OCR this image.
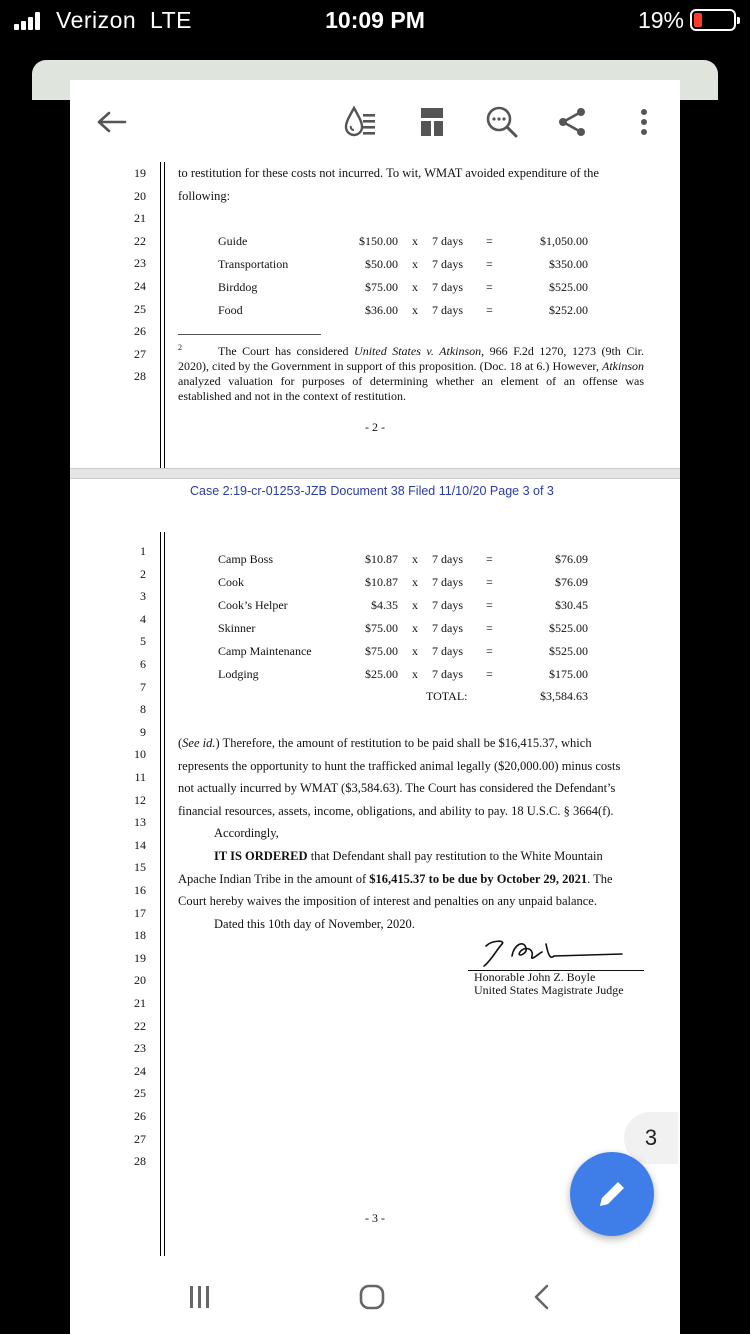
Verizon LTE	10:09 PM	19%
to restitution for these costs not incurred. To wit, WMAT avoided expenditure of the
following:
$^2$	The Court has considered United States v. Atkinson, 966 F.2d 1270, 1273 (9th Cir. 2020), cited by the Government in support of this proposition. (Doc. 18 at 6.) However, Atkinson analyzed valuation for purposes of determining whether an element of an offense was established and not in the context of restitution.
- 2 -
Case 2:19-cr-01253-JZB Document 38 Filed 11/10/20 Page 3 of 3
TOTAL:	$3,584.63
(See id.) Therefore, the amount of restitution to be paid shall be $16,415.37, which
represents the opportunity to hunt the trafficked animal legally ($20,000.00) minus costs
not actually incurred by WMAT ($3,584.63). The Court has considered the Defendant’s
financial resources, assets, income, obligations, and ability to pay. 18 U.S.C. § 3664(f).
Accordingly,
IT IS ORDERED that Defendant shall pay restitution to the White Mountain
Apache Indian Tribe in the amount of $16,415.37 to be due by October 29, 2021. The
Court hereby waives the imposition of interest and penalties on any unpaid balance.
Dated this 10th day of November, 2020.
Honorable John Z. Boyle
United States Magistrate Judge
- 3 -
19
20
21
22
23
24
25
26
27
28
Guide	$150.00 x 7 days =	$1,050.00
Transportation	$50.00 x 7 days =	$350.00
Birddog	$75.00 x 7 days =	$525.00
Food	$36.00 x 7 days =	$252.00
1
2
3
4
5
6
7
8
9
10
11
12
13
14
15
16
17
18
19
20
21
22
23
24
25
26
27
28
Camp Boss	$10.87 x 7 days =	$76.09
Cook	$10.87 x 7 days =	$76.09
Cook’s Helper	$4.35 x 7 days =	$30.45
Skinner	$75.00 x 7 days =	$525.00
Camp Maintenance	$75.00 x 7 days =	$525.00
Lodging	$25.00 x 7 days =	$175.00
3
